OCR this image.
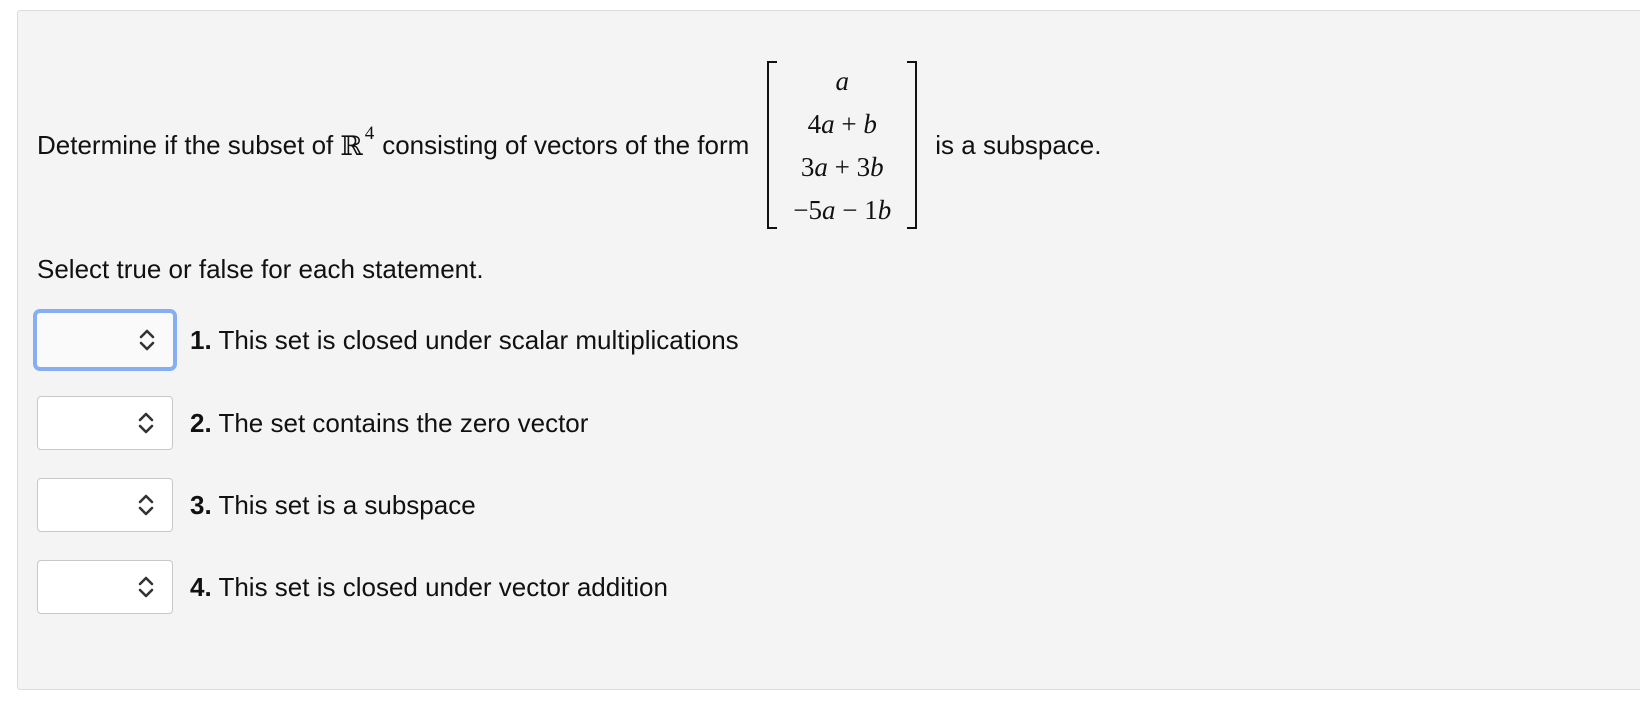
Determine if the subset of ℝ $^4$ consisting of vectors of the form
a
4a + b
3a + 3b
−5a − 1b
is a subspace.
Select true or false for each statement.
1. This set is closed under scalar multiplications
2. The set contains the zero vector
3. This set is a subspace
4. This set is closed under vector addition
